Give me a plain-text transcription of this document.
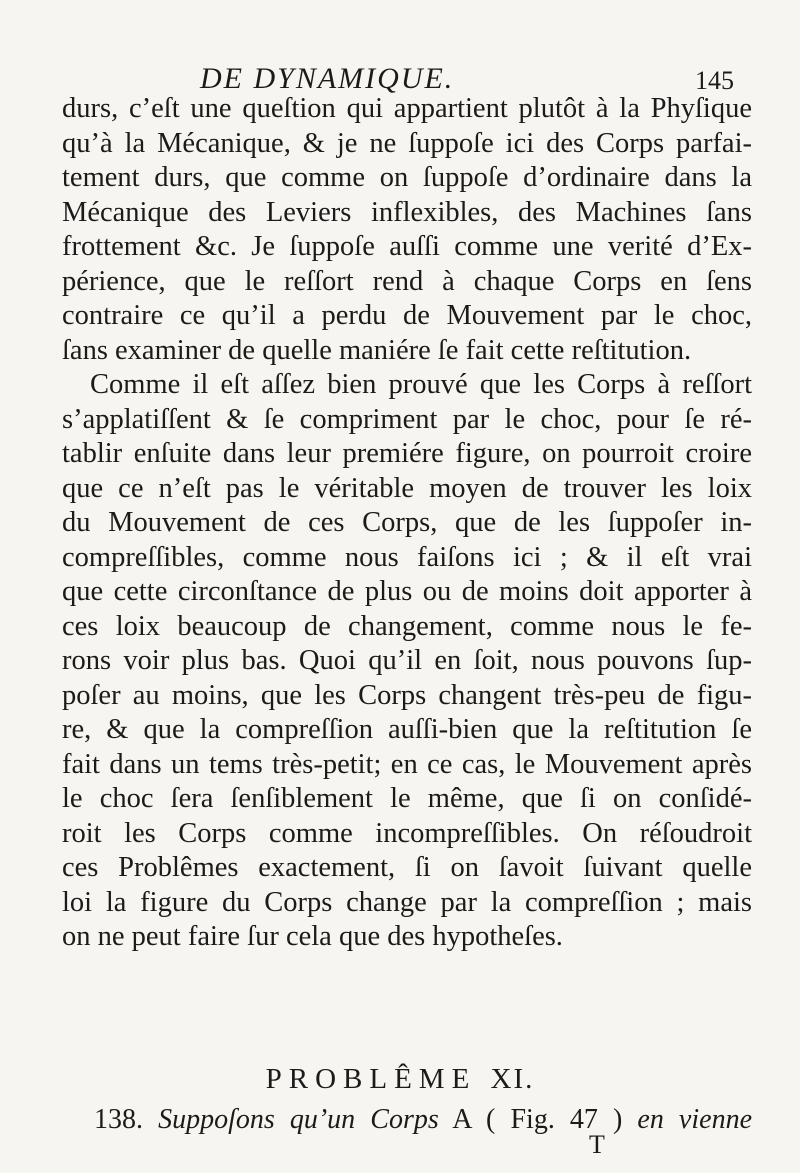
DE DYNAMIQUE.	145
durs, c’eſt une queſtion qui appartient plutôt à la Phyſique
qu’à la Mécanique, & je ne ſuppoſe ici des Corps parfai-
tement durs, que comme on ſuppoſe d’ordinaire dans la
Mécanique des Leviers inflexibles, des Machines ſans
frottement &c. Je ſuppoſe auſſi comme une verité d’Ex-
périence, que le reſſort rend à chaque Corps en ſens
contraire ce qu’il a perdu de Mouvement par le choc,
ſans examiner de quelle maniére ſe fait cette reſtitution.
Comme il eſt aſſez bien prouvé que les Corps à reſſort
s’applatiſſent & ſe compriment par le choc, pour ſe ré-
tablir enſuite dans leur premiére figure, on pourroit croire
que ce n’eſt pas le véritable moyen de trouver les loix
du Mouvement de ces Corps, que de les ſuppoſer in-
compreſſibles, comme nous faiſons ici ; & il eſt vrai
que cette circonſtance de plus ou de moins doit apporter à
ces loix beaucoup de changement, comme nous le fe-
rons voir plus bas. Quoi qu’il en ſoit, nous pouvons ſup-
poſer au moins, que les Corps changent très-peu de figu-
re, & que la compreſſion auſſi-bien que la reſtitution ſe
fait dans un tems très-petit; en ce cas, le Mouvement après
le choc ſera ſenſiblement le même, que ſi on conſidé-
roit les Corps comme incompreſſibles. On réſoudroit
ces Problêmes exactement, ſi on ſavoit ſuivant quelle
loi la figure du Corps change par la compreſſion ; mais
on ne peut faire ſur cela que des hypotheſes.
PROBLÊME XI.
138. Suppoſons qu’un Corps A ( Fig. 47 ) en vienne
T
